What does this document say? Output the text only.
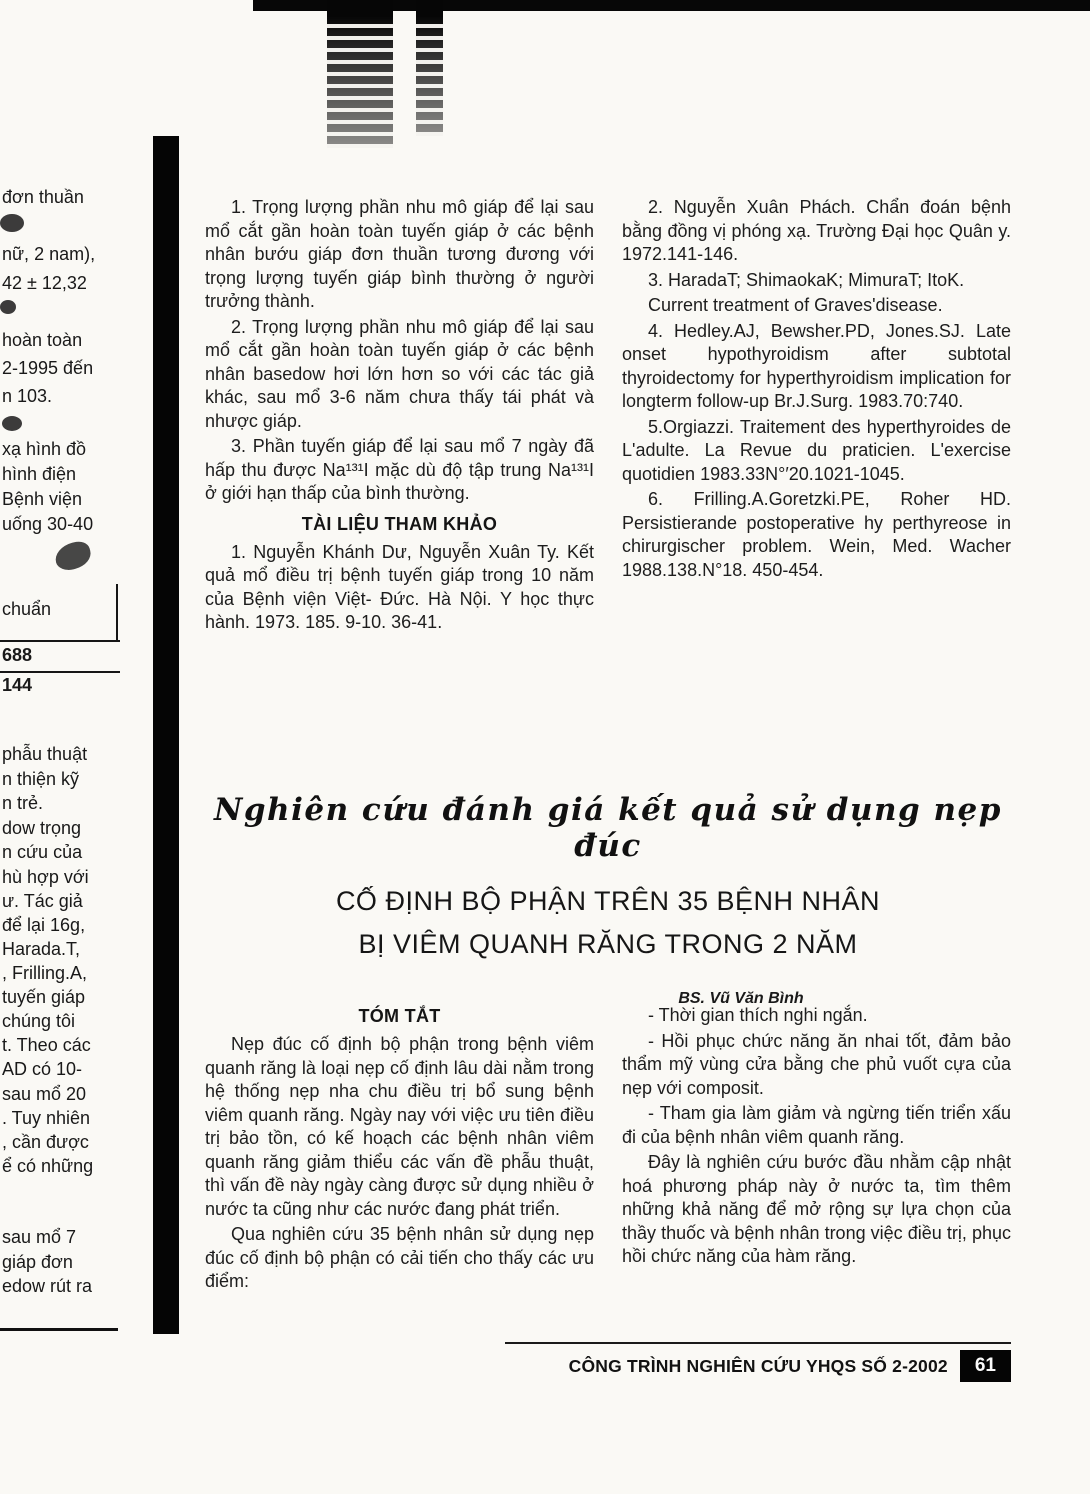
đơn thuần
nữ, 2 nam),
42 ± 12,32
hoàn toàn
2-1995 đến
n 103.
xạ hình đồ
hình điện
Bệnh viện
uống 30-40
chuẩn
688
144
phẫu thuật
n thiện kỹ
n trẻ.
dow trọng
n cứu của
hù hợp với
ư. Tác giả
để lại 16g,
Harada.T,
, Frilling.A,
tuyến giáp
chúng tôi
t. Theo các
AD có 10-
sau mổ 20
. Tuy nhiên
, cần được
ể có những
sau mổ 7
giáp đơn
edow rút ra

1. Trọng lượng phần nhu mô giáp để lại sau mổ cắt gần hoàn toàn tuyến giáp ở các bệnh nhân bướu giáp đơn thuần tương đương với trọng lượng tuyến giáp bình thường ở người trưởng thành.

2. Trọng lượng phần nhu mô giáp để lại sau mổ cắt gần hoàn toàn tuyến giáp ở các bệnh nhân basedow hơi lớn hơn so với các tác giả khác, sau mổ 3-6 năm chưa thấy tái phát và nhược giáp.

3. Phần tuyến giáp để lại sau mổ 7 ngày đã hấp thu được Na¹³¹I mặc dù độ tập trung Na¹³¹I ở giới hạn thấp của bình thường.

TÀI LIỆU THAM KHẢO

1. Nguyễn Khánh Dư, Nguyễn Xuân Ty. Kết quả mổ điều trị bệnh tuyến giáp trong 10 năm của Bệnh viện Việt- Đức. Hà Nội. Y học thực hành. 1973. 185. 9-10. 36-41.

2. Nguyễn Xuân Phách. Chẩn đoán bệnh bằng đồng vị phóng xạ. Trường Đại học Quân y. 1972.141-146.

3. HaradaT; ShimaokaK; MimuraT; ItoK.

Current treatment of Graves'disease.

4. Hedley.AJ, Bewsher.PD, Jones.SJ. Late onset hypothyroidism after subtotal thyroidectomy for hyperthyroidism implication for longterm follow-up Br.J.Surg. 1983.70:740.

5.Orgiazzi. Traitement des hyperthyroides de L'adulte. La Revue du praticien. L'exercise quotidien 1983.33N°′20.1021-1045.

6. Frilling.A.Goretzki.PE, Roher HD. Persistierande postoperative hy perthyreose in chirurgischer problem. Wein, Med. Wacher 1988.138.N°18. 450-454.

Nghiên cứu đánh giá kết quả sử dụng nẹp đúc
CỐ ĐỊNH BỘ PHẬN TRÊN 35 BỆNH NHÂN
BỊ VIÊM QUANH RĂNG TRONG 2 NĂM
BS. Vũ Văn Bình
TÓM TẮT

Nẹp đúc cố định bộ phận trong bệnh viêm quanh răng là loại nẹp cố định lâu dài nằm trong hệ thống nẹp nha chu điều trị bổ sung bệnh viêm quanh răng. Ngày nay với việc ưu tiên điều trị bảo tồn, có kế hoạch các bệnh nhân viêm quanh răng giảm thiểu các vấn đề phẫu thuật, thì vấn đề này ngày càng được sử dụng nhiều ở nước ta cũng như các nước đang phát triển.

Qua nghiên cứu 35 bệnh nhân sử dụng nẹp đúc cố định bộ phận có cải tiến cho thấy các ưu điểm:

- Thời gian thích nghi ngắn.

- Hồi phục chức năng ăn nhai tốt, đảm bảo thẩm mỹ vùng cửa bằng che phủ vuốt cựa của nẹp với composit.

- Tham gia làm giảm và ngừng tiến triển xấu đi của bệnh nhân viêm quanh răng.

Đây là nghiên cứu bước đầu nhằm cập nhật hoá phương pháp này ở nước ta, tìm thêm những khả năng để mở rộng sự lựa chọn của thầy thuốc và bệnh nhân trong việc điều trị, phục hồi chức năng của hàm răng.

CÔNG TRÌNH NGHIÊN CỨU YHQS SỐ 2-2002	61
